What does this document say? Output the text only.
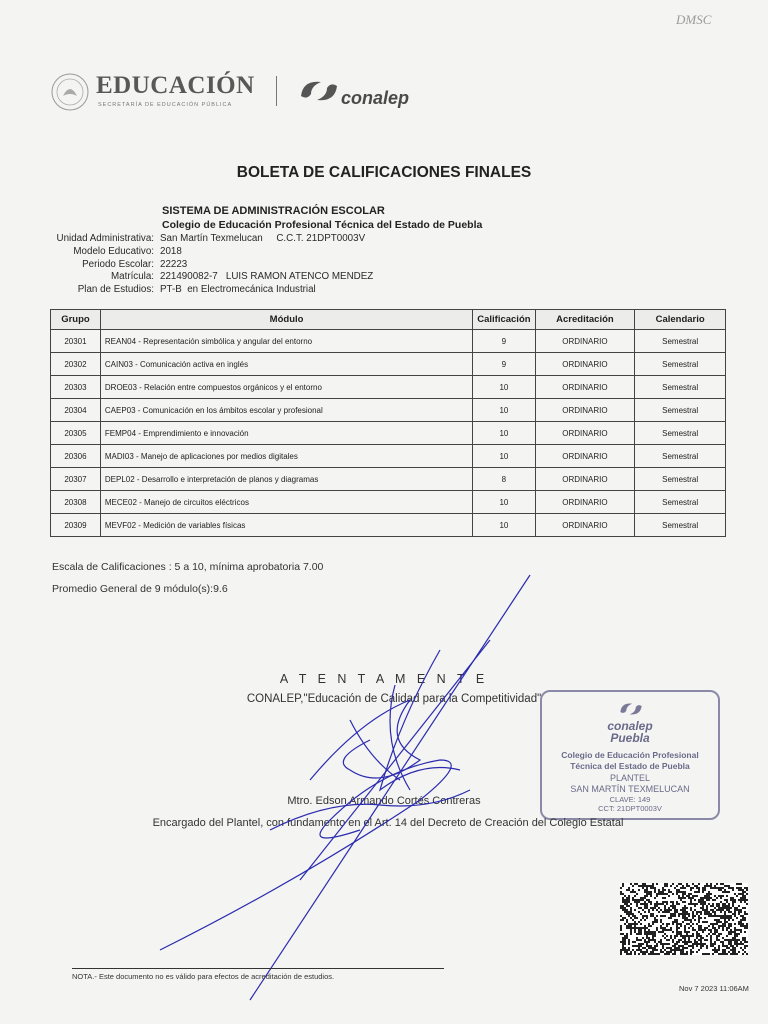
DMSC
EDUCACIÓN
SECRETARÍA DE EDUCACIÓN PÚBLICA	conalep
BOLETA DE CALIFICACIONES FINALES
SISTEMA DE ADMINISTRACIÓN ESCOLAR
Colegio de Educación Profesional Técnica del Estado de Puebla
Unidad Administrativa: San Martín Texmelucan     C.C.T. 21DPT0003V
Modelo Educativo: 2018
Periodo Escolar: 22223
Matrícula: 221490082-7   LUIS RAMON ATENCO MENDEZ
Plan de Estudios: PT-B  en Electromecánica Industrial
Grupo	Módulo	Calificación	Acreditación	Calendario
20301	REAN04 - Representación simbólica y angular del entorno	9	ORDINARIO	Semestral
20302	CAIN03 - Comunicación activa en inglés	9	ORDINARIO	Semestral
20303	DROE03 - Relación entre compuestos orgánicos y el entorno	10	ORDINARIO	Semestral
20304	CAEP03 - Comunicación en los ámbitos escolar y profesional	10	ORDINARIO	Semestral
20305	FEMP04 - Emprendimiento e innovación	10	ORDINARIO	Semestral
20306	MADI03 - Manejo de aplicaciones por medios digitales	10	ORDINARIO	Semestral
20307	DEPL02 - Desarrollo e interpretación de planos y diagramas	8	ORDINARIO	Semestral
20308	MECE02 - Manejo de circuitos eléctricos	10	ORDINARIO	Semestral
20309	MEVF02 - Medición de variables físicas	10	ORDINARIO	Semestral
Escala de Calificaciones : 5 a 10, mínima aprobatoria 7.00
Promedio General de 9 módulo(s):9.6
A T E N T A M E N T E
CONALEP,"Educación de Calidad para la Competitividad"
conalep
Puebla
Colegio de Educación Profesional
Técnica del Estado de Puebla
PLANTEL
SAN MARTÍN TEXMELUCAN
CLAVE: 149
CCT: 21DPT0003V
Mtro. Edson Armando Cortés Contreras
Encargado del Plantel, con fundamento en el Art. 14 del Decreto de Creación del Colegio Estatal
NOTA.- Este documento no es válido para efectos de acreditación de estudios.
Nov 7 2023 11:06AM
